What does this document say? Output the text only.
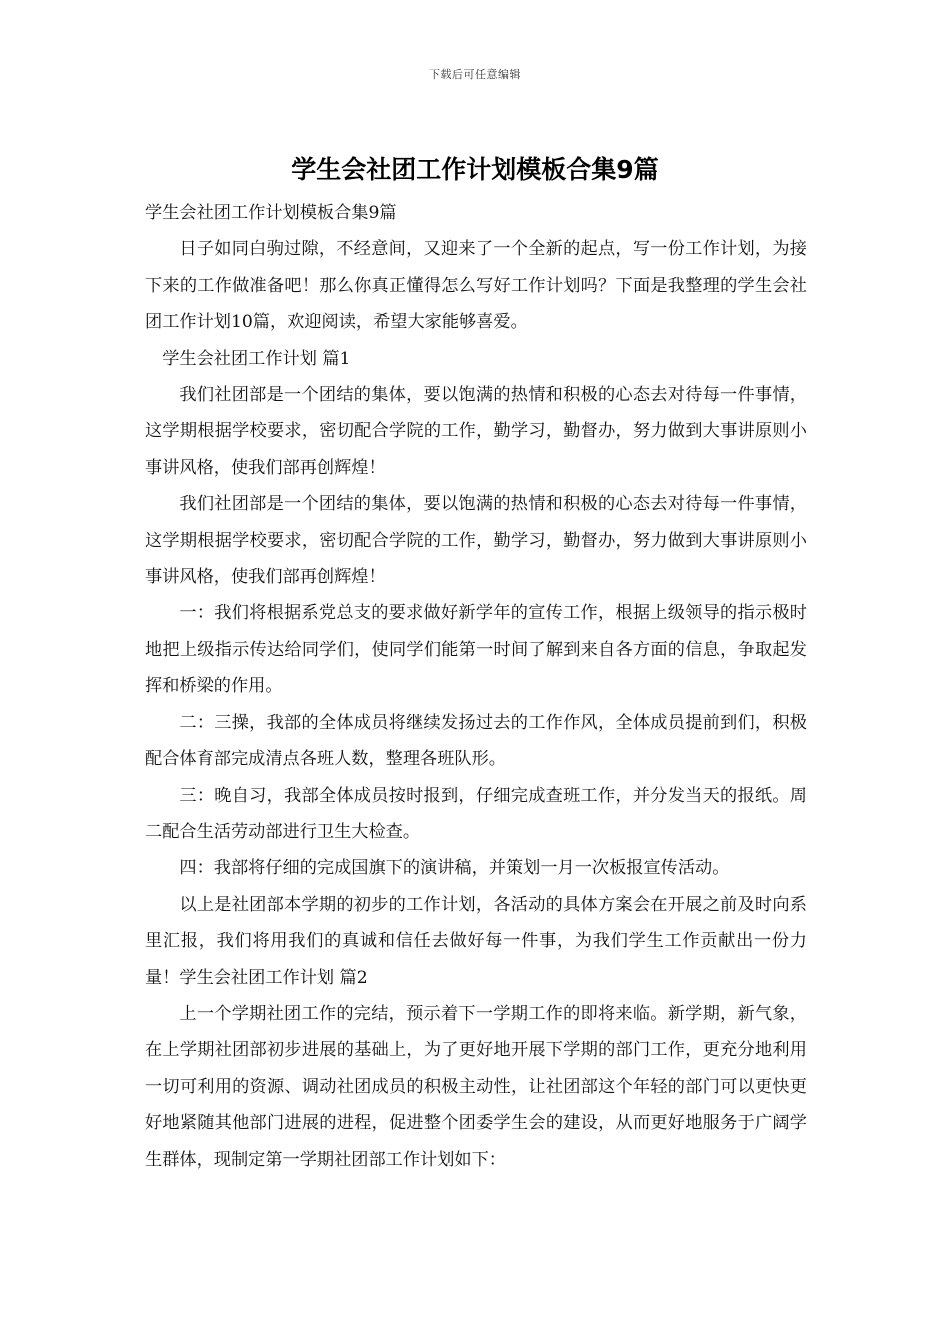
下载后可任意编辑
学生会社团工作计划模板合集9篇

学生会社团工作计划模板合集9篇

日子如同白驹过隙，不经意间，又迎来了一个全新的起点，写一份工作计划，为接下来的工作做准备吧！那么你真正懂得怎么写好工作计划吗？下面是我整理的学生会社团工作计划10篇，欢迎阅读，希望大家能够喜爱。

学生会社团工作计划 篇1

我们社团部是一个团结的集体，要以饱满的热情和积极的心态去对待每一件事情，这学期根据学校要求，密切配合学院的工作，勤学习，勤督办，努力做到大事讲原则小事讲风格，使我们部再创辉煌！

我们社团部是一个团结的集体，要以饱满的热情和积极的心态去对待每一件事情，这学期根据学校要求，密切配合学院的工作，勤学习，勤督办，努力做到大事讲原则小事讲风格，使我们部再创辉煌！

一：我们将根据系党总支的要求做好新学年的宣传工作，根据上级领导的指示极时地把上级指示传达给同学们，使同学们能第一时间了解到来自各方面的信息，争取起发挥和桥梁的作用。

二：三操，我部的全体成员将继续发扬过去的工作作风，全体成员提前到们，积极配合体育部完成清点各班人数，整理各班队形。

三：晚自习，我部全体成员按时报到，仔细完成查班工作，并分发当天的报纸。周二配合生活劳动部进行卫生大检查。

四：我部将仔细的完成国旗下的演讲稿，并策划一月一次板报宣传活动。

以上是社团部本学期的初步的工作计划，各活动的具体方案会在开展之前及时向系里汇报，我们将用我们的真诚和信任去做好每一件事，为我们学生工作贡献出一份力量！学生会社团工作计划 篇2

上一个学期社团工作的完结，预示着下一学期工作的即将来临。新学期，新气象，在上学期社团部初步进展的基础上，为了更好地开展下学期的部门工作，更充分地利用一切可利用的资源、调动社团成员的积极主动性，让社团部这个年轻的部门可以更快更好地紧随其他部门进展的进程，促进整个团委学生会的建设，从而更好地服务于广阔学生群体，现制定第一学期社团部工作计划如下：
